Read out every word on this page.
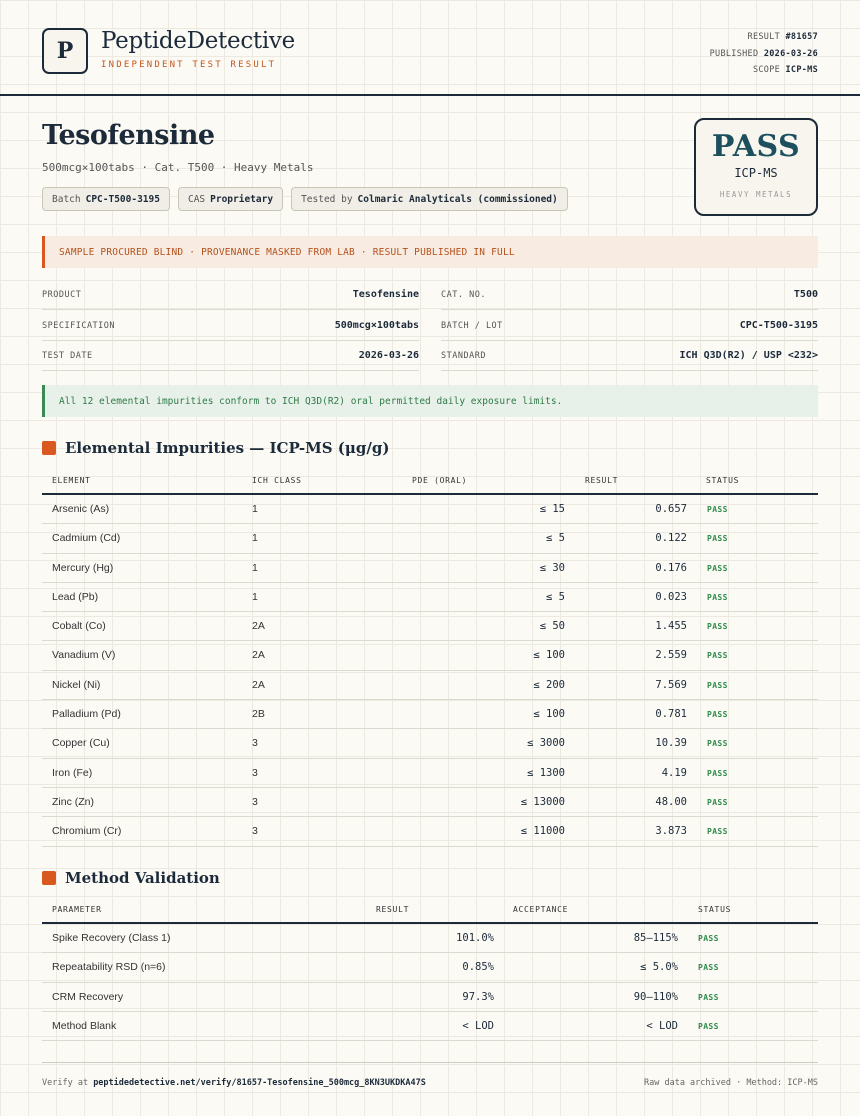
P	PeptideDetective
INDEPENDENT TEST RESULT
RESULT #81657
PUBLISHED 2026-03-26
SCOPE ICP-MS
Tesofensine
500mcg×100tabs · Cat. T500 · Heavy Metals
Batch CPC-T500-3195	CAS Proprietary	Tested by Colmaric Analyticals (commissioned)
PASS
ICP-MS
HEAVY METALS
SAMPLE PROCURED BLIND · PROVENANCE MASKED FROM LAB · RESULT PUBLISHED IN FULL
PRODUCT	Tesofensine
SPECIFICATION	500mcg×100tabs
TEST DATE	2026-03-26
CAT. NO.	T500
BATCH / LOT	CPC-T500-3195
STANDARD	ICH Q3D(R2) / USP <232>
All 12 elemental impurities conform to ICH Q3D(R2) oral permitted daily exposure limits.
Elemental Impurities — ICP-MS (μg/g)
ELEMENT	ICH CLASS	PDE (ORAL)	RESULT	STATUS
Arsenic (As)	1	≤ 15	0.657	PASS
Cadmium (Cd)	1	≤ 5	0.122	PASS
Mercury (Hg)	1	≤ 30	0.176	PASS
Lead (Pb)	1	≤ 5	0.023	PASS
Cobalt (Co)	2A	≤ 50	1.455	PASS
Vanadium (V)	2A	≤ 100	2.559	PASS
Nickel (Ni)	2A	≤ 200	7.569	PASS
Palladium (Pd)	2B	≤ 100	0.781	PASS
Copper (Cu)	3	≤ 3000	10.39	PASS
Iron (Fe)	3	≤ 1300	4.19	PASS
Zinc (Zn)	3	≤ 13000	48.00	PASS
Chromium (Cr)	3	≤ 11000	3.873	PASS
Method Validation
PARAMETER	RESULT	ACCEPTANCE	STATUS
Spike Recovery (Class 1)	101.0%	85–115%	PASS
Repeatability RSD (n=6)	0.85%	≤ 5.0%	PASS
CRM Recovery	97.3%	90–110%	PASS
Method Blank	< LOD	< LOD	PASS
Verify at peptidedetective.net/verify/81657-Tesofensine_500mcg_8KN3UKDKA47S	Raw data archived · Method: ICP-MS
